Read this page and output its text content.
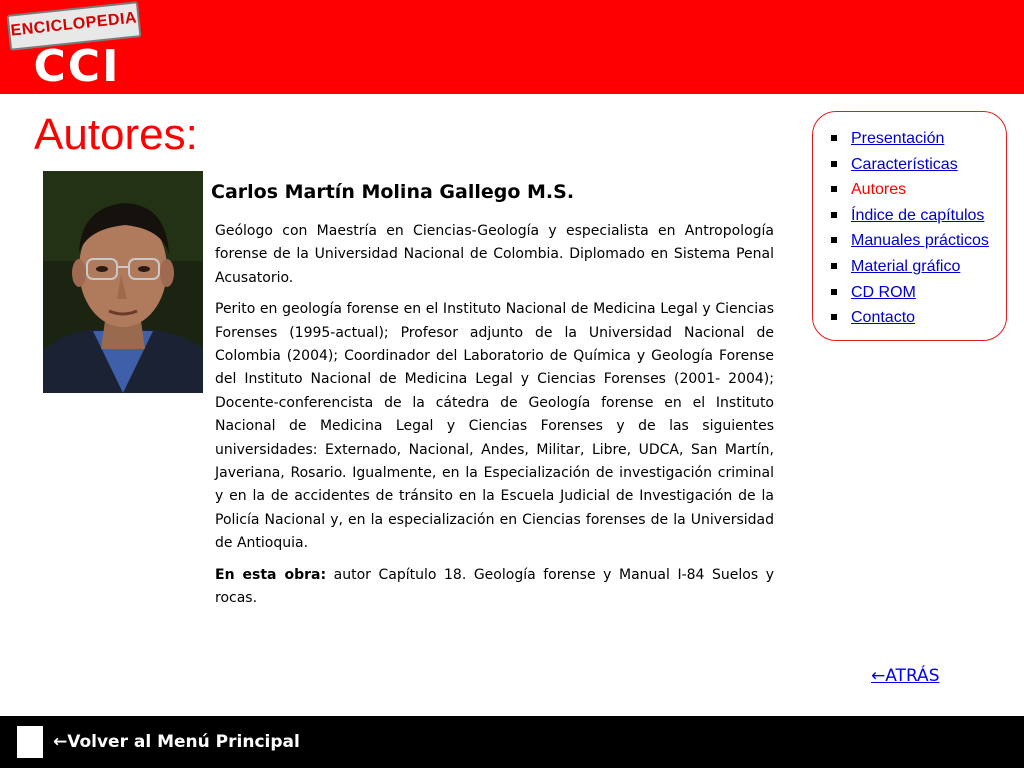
ENCICLOPEDIA
CCI
Autores:
Carlos Martín Molina Gallego M.S.

Geólogo con Maestría en Ciencias-Geología y especialista en Antropología forense de la Universidad Nacional de Colombia. Diplomado en Sistema Penal Acusatorio.

Perito en geología forense en el Instituto Nacional de Medicina Legal y Ciencias Forenses (1995-actual); Profesor adjunto de la Universidad Nacional de Colombia (2004); Coordinador del Laboratorio de Química y Geología Forense del Instituto Nacional de Medicina Legal y Ciencias Forenses (2001- 2004); Docente-conferencista de la cátedra de Geología forense en el Instituto Nacional de Medicina Legal y Ciencias Forenses y de las siguientes universidades: Externado, Nacional, Andes, Militar, Libre, UDCA, San Martín, Javeriana, Rosario. Igualmente, en la Especialización de investigación criminal y en la de accidentes de tránsito en la Escuela Judicial de Investigación de la Policía Nacional y, en la especialización en Ciencias forenses de la Universidad de Antioquia.

En esta obra: autor Capítulo 18. Geología forense y Manual I-84 Suelos y rocas.

Presentación
Características
Autores
Índice de capítulos
Manuales prácticos
Material gráfico
CD ROM
Contacto
←ATRÁS
←Volver al Menú Principal
